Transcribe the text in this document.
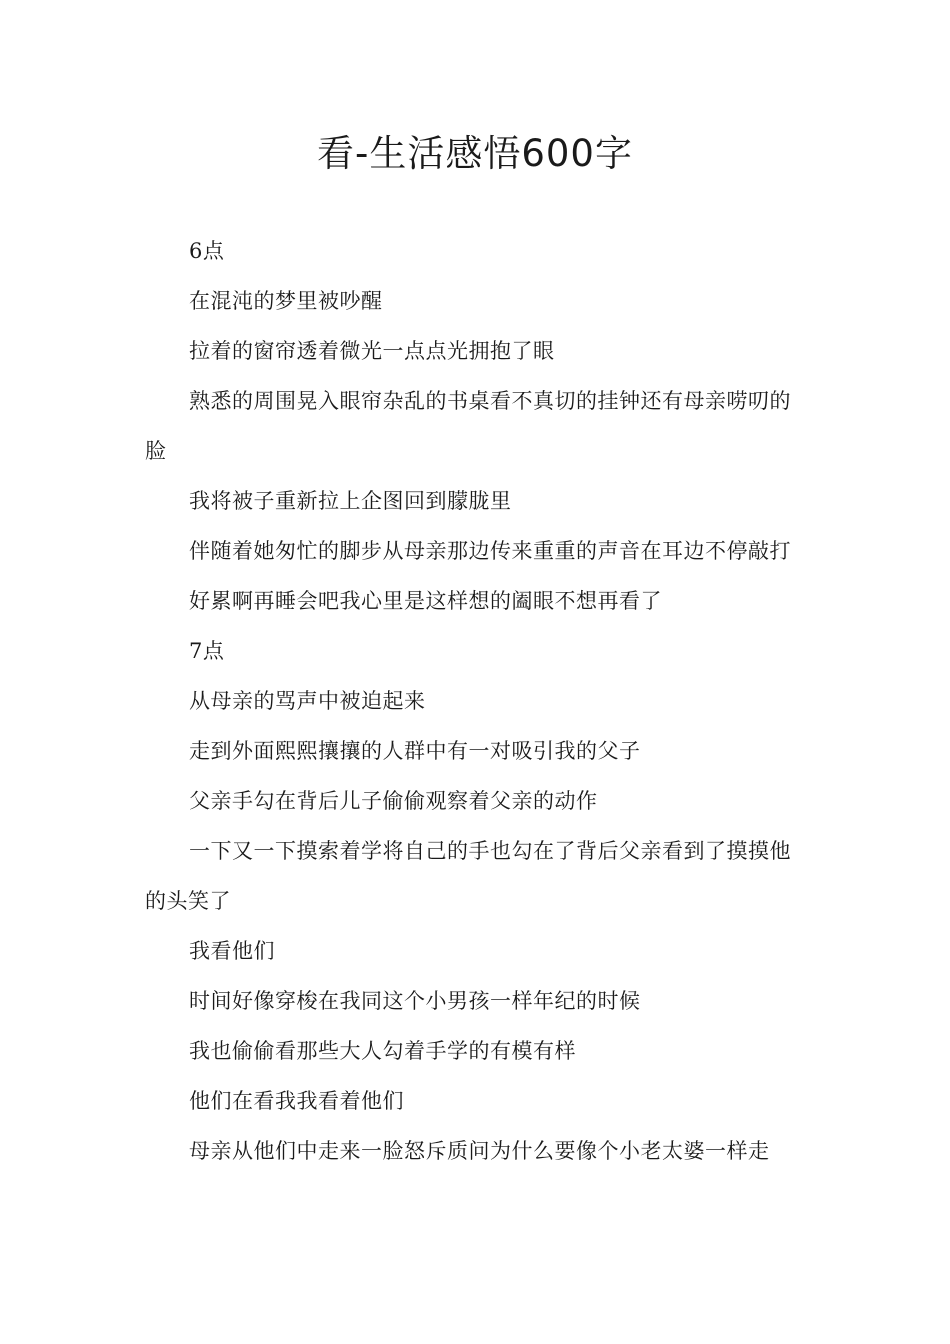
看-生活感悟600字

6点

在混沌的梦里被吵醒

拉着的窗帘透着微光一点点光拥抱了眼

熟悉的周围晃入眼帘杂乱的书桌看不真切的挂钟还有母亲唠叨的脸

我将被子重新拉上企图回到朦胧里

伴随着她匆忙的脚步从母亲那边传来重重的声音在耳边不停敲打

好累啊再睡会吧我心里是这样想的阖眼不想再看了

7点

从母亲的骂声中被迫起来

走到外面熙熙攘攘的人群中有一对吸引我的父子

父亲手勾在背后儿子偷偷观察着父亲的动作

一下又一下摸索着学将自己的手也勾在了背后父亲看到了摸摸他的头笑了

我看他们

时间好像穿梭在我同这个小男孩一样年纪的时候

我也偷偷看那些大人勾着手学的有模有样

他们在看我我看着他们

母亲从他们中走来一脸怒斥质问为什么要像个小老太婆一样走
